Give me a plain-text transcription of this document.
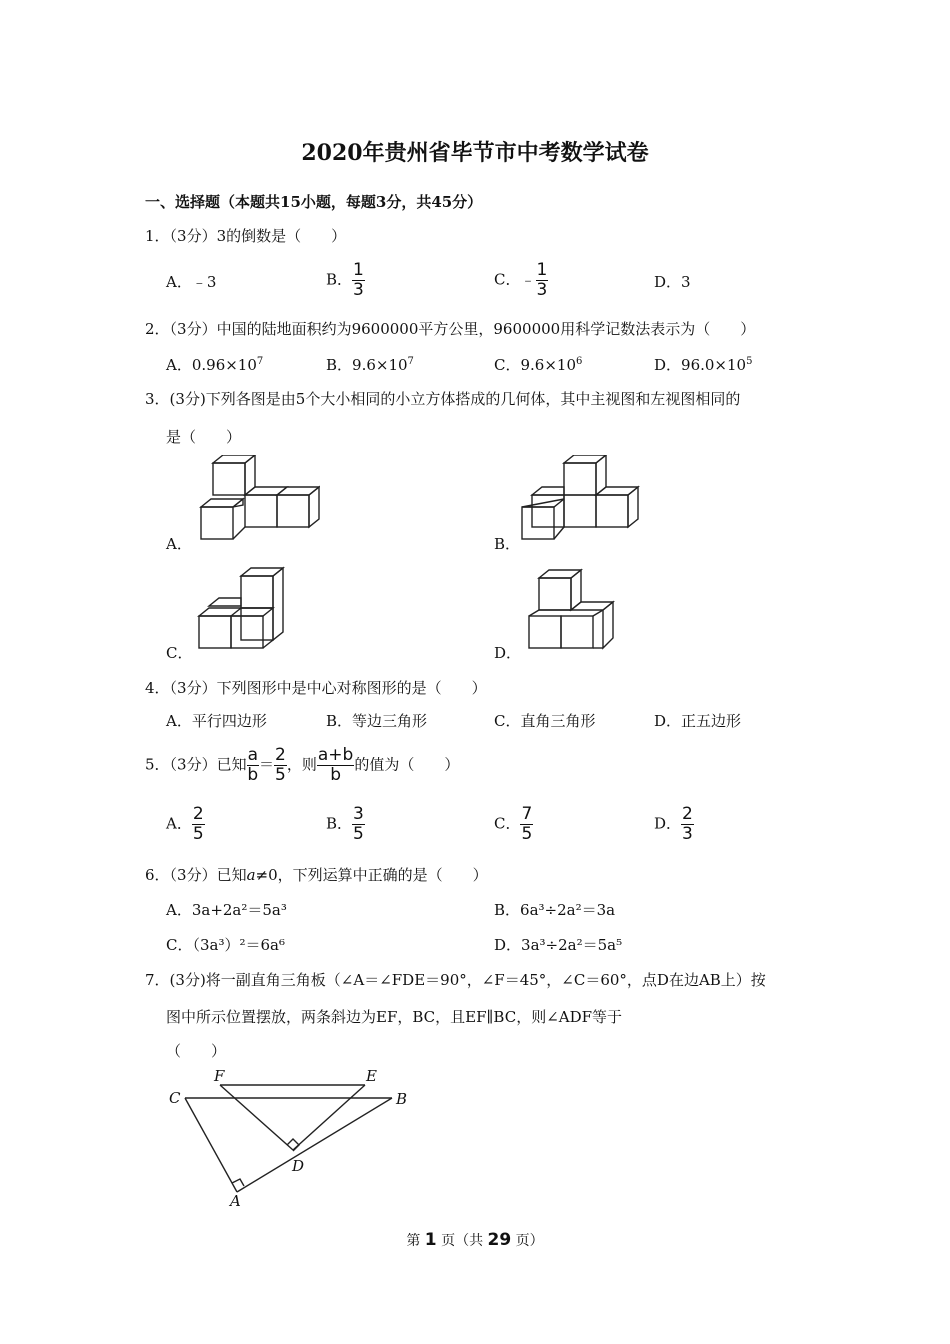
2020年贵州省毕节市中考数学试卷
一、选择题（本题共15小题，每题3分，共45分）
1．（3分）3的倒数是（　　）
A．﹣3	B． $\frac{1}{3}$	C．﹣ $\frac{1}{3}$	D．3
2．（3分）中国的陆地面积约为9600000平方公里，9600000用科学记数法表示为（　　）
A．$0.96\times 10^7$	B．$9.6\times 10^7$	C．$9.6\times 10^6$	D．$96.0\times 10^5$
3．(3分)下列各图是由5个大小相同的小立方体搭成的几何体，其中主视图和左视图相同的
是（　　）
A．	B．
C．	D．
4．（3分）下列图形中是中心对称图形的是（　　）
A．平行四边形	B．等边三角形	C．直角三角形	D．正五边形
5．（3分）已知 $\frac{a}{b} = \frac{2}{5}$ ，则 $\frac{a+b}{b}$ 的值为（　　）
A． $\frac{2}{5}$	B． $\frac{3}{5}$	C． $\frac{7}{5}$	D． $\frac{2}{3}$
6．（3分）已知a≠0，下列运算中正确的是（　　）
A．3a+2a²＝5a³	B．6a³÷2a²＝3a
C．（3a³）²＝6a⁶	D．3a³÷2a²＝5a⁵
7．(3分)将一副直角三角板（∠A＝∠FDE＝90°，∠F＝45°，∠C＝60°，点D在边AB上）按
图中所示位置摆放，两条斜边为EF，BC，且EF∥BC，则∠ADF等于
（　　）
F	E
C	B
D
A
第 1 页（共 29 页）
